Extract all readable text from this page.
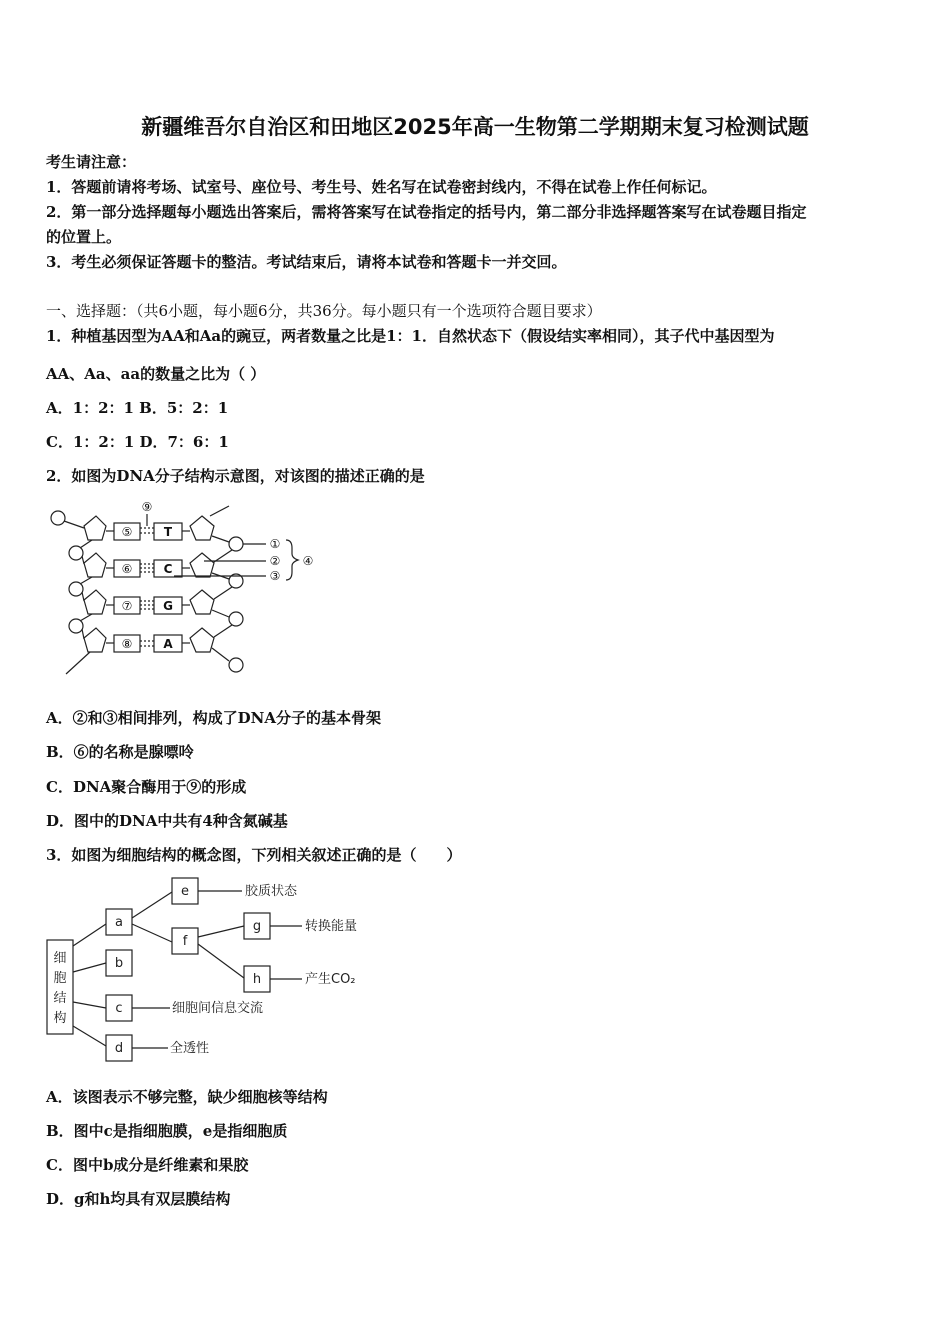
新疆维吾尔自治区和田地区2025年高一生物第二学期期末复习检测试题
考生请注意：
1．答题前请将考场、试室号、座位号、考生号、姓名写在试卷密封线内，不得在试卷上作任何标记。
2．第一部分选择题每小题选出答案后，需将答案写在试卷指定的括号内，第二部分非选择题答案写在试卷题目指定
的位置上。
3．考生必须保证答题卡的整洁。考试结束后，请将本试卷和答题卡一并交回。
一、选择题：（共6小题，每小题6分，共36分。每小题只有一个选项符合题目要求）
1．种植基因型为AA和Aa的豌豆，两者数量之比是1：1．自然状态下（假设结实率相同），其子代中基因型为
AA、Aa、aa的数量之比为（ ）
A．1：2：1 B．5：2：1
C．1：2：1 D．7：6：1
2．如图为DNA分子结构示意图，对该图的描述正确的是
⑤
⑥
⑦
⑧
T
C
G
A
⑨
①
②
③
④
A．②和③相间排列，构成了DNA分子的基本骨架
B．⑥的名称是腺嘌呤
C．DNA聚合酶用于⑨的形成
D．图中的DNA中共有4种含氮碱基
3．如图为细胞结构的概念图，下列相关叙述正确的是（　　）
细
胞
结
构
a
b
c
d
e
f
g
h
胶质状态
转换能量
产生CO₂
细胞间信息交流
全透性
A．该图表示不够完整，缺少细胞核等结构
B．图中c是指细胞膜，e是指细胞质
C．图中b成分是纤维素和果胶
D．g和h均具有双层膜结构
